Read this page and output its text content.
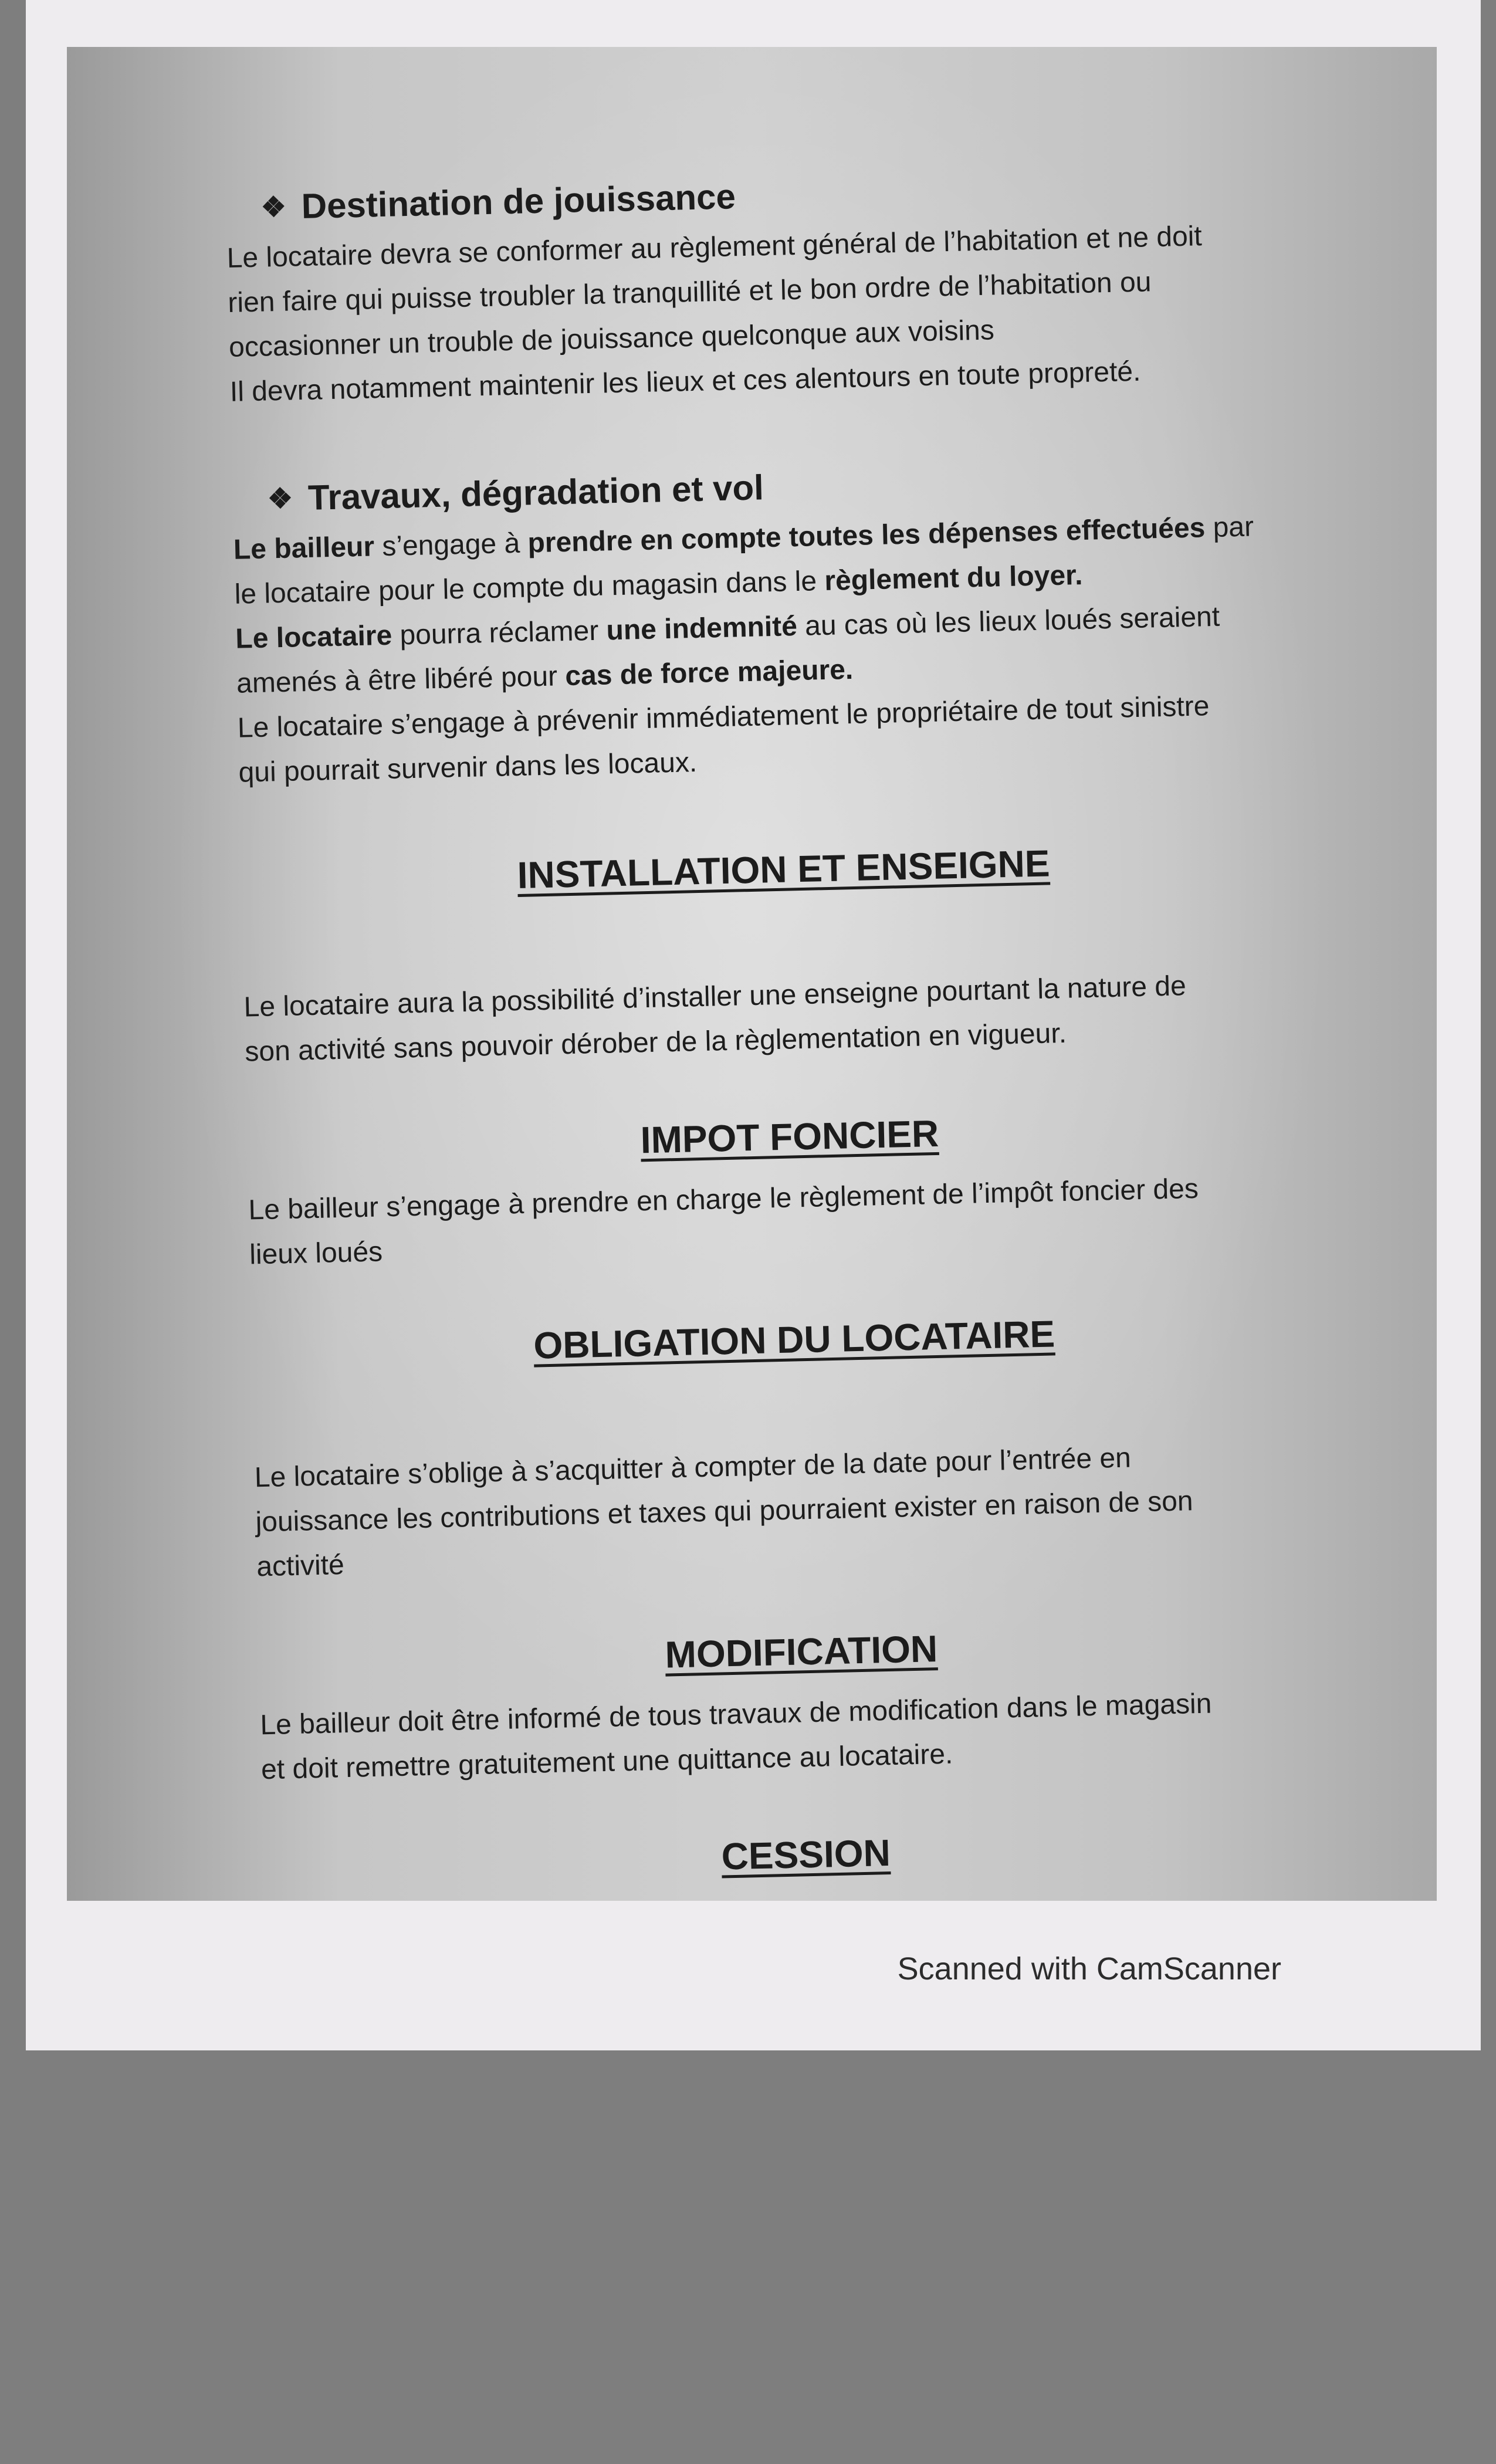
❖ Destination de jouissance

Le locataire devra se conformer au règlement général de l’habitation et ne doit
rien faire qui puisse troubler la tranquillité et le bon ordre de l’habitation ou
occasionner un trouble de jouissance quelconque aux voisins
Il devra notamment maintenir les lieux et ces alentours en toute propreté.

❖ Travaux, dégradation et vol

Le bailleur s’engage à prendre en compte toutes les dépenses effectuées par
le locataire pour le compte du magasin dans le règlement du loyer.
Le locataire pourra réclamer une indemnité au cas où les lieux loués seraient
amenés à être libéré pour cas de force majeure.
Le locataire s’engage à prévenir immédiatement le propriétaire de tout sinistre
qui pourrait survenir dans les locaux.

INSTALLATION ET ENSEIGNE

Le locataire aura la possibilité d’installer une enseigne pourtant la nature de
son activité sans pouvoir dérober de la règlementation en vigueur.

IMPOT FONCIER

Le bailleur s’engage à prendre en charge le règlement de l’impôt foncier des
lieux loués

OBLIGATION DU LOCATAIRE

Le locataire s’oblige à s’acquitter à compter de la date pour l’entrée en
jouissance les contributions et taxes qui pourraient exister en raison de son
activité

MODIFICATION

Le bailleur doit être informé de tous travaux de modification dans le magasin
et doit remettre gratuitement une quittance au locataire.

CESSION
Scanned with CamScanner
